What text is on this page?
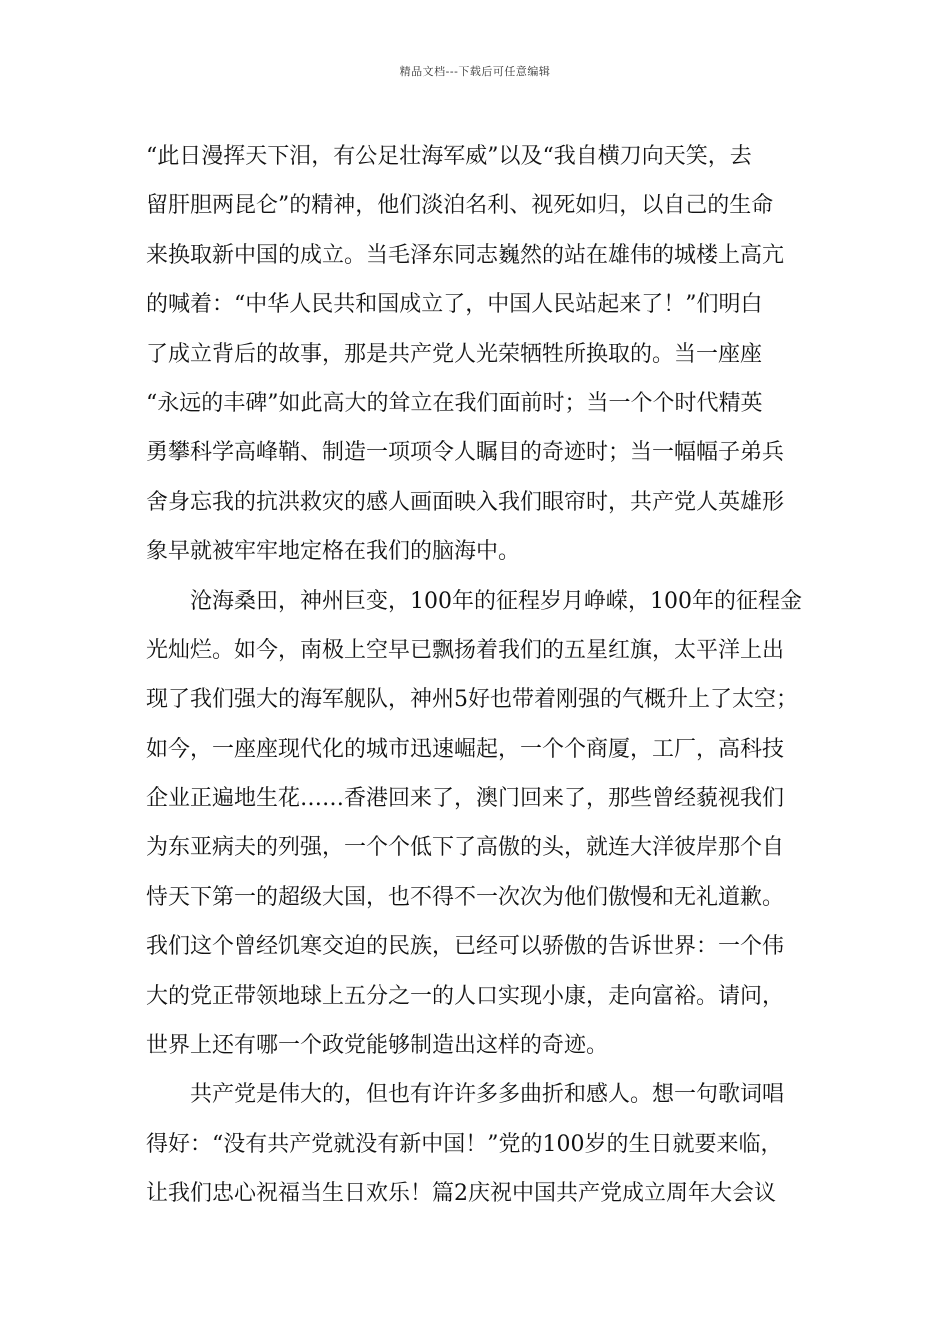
精品文档---下载后可任意编辑
“此日漫挥天下泪，有公足壮海军威”以及“我自横刀向天笑，去
留肝胆两昆仑”的精神，他们淡泊名利、视死如归，以自己的生命
来换取新中国的成立。当毛泽东同志巍然的站在雄伟的城楼上高亢
的喊着：“中华人民共和国成立了，中国人民站起来了！”们明白
了成立背后的故事，那是共产党人光荣牺牲所换取的。当一座座
“永远的丰碑”如此高大的耸立在我们面前时；当一个个时代精英
勇攀科学高峰鞘、制造一项项令人瞩目的奇迹时；当一幅幅子弟兵
舍身忘我的抗洪救灾的感人画面映入我们眼帘时，共产党人英雄形
象早就被牢牢地定格在我们的脑海中。
沧海桑田，神州巨变，100年的征程岁月峥嵘，100年的征程金
光灿烂。如今，南极上空早已飘扬着我们的五星红旗，太平洋上出
现了我们强大的海军舰队，神州5好也带着刚强的气概升上了太空；
如今，一座座现代化的城市迅速崛起，一个个商厦，工厂，高科技
企业正遍地生花……香港回来了，澳门回来了，那些曾经藐视我们
为东亚病夫的列强，一个个低下了高傲的头，就连大洋彼岸那个自
恃天下第一的超级大国，也不得不一次次为他们傲慢和无礼道歉。
我们这个曾经饥寒交迫的民族，已经可以骄傲的告诉世界：一个伟
大的党正带领地球上五分之一的人口实现小康，走向富裕。请问，
世界上还有哪一个政党能够制造出这样的奇迹。
共产党是伟大的，但也有许许多多曲折和感人。想一句歌词唱
得好：“没有共产党就没有新中国！”党的100岁的生日就要来临，
让我们忠心祝福当生日欢乐！篇2庆祝中国共产党成立周年大会议
